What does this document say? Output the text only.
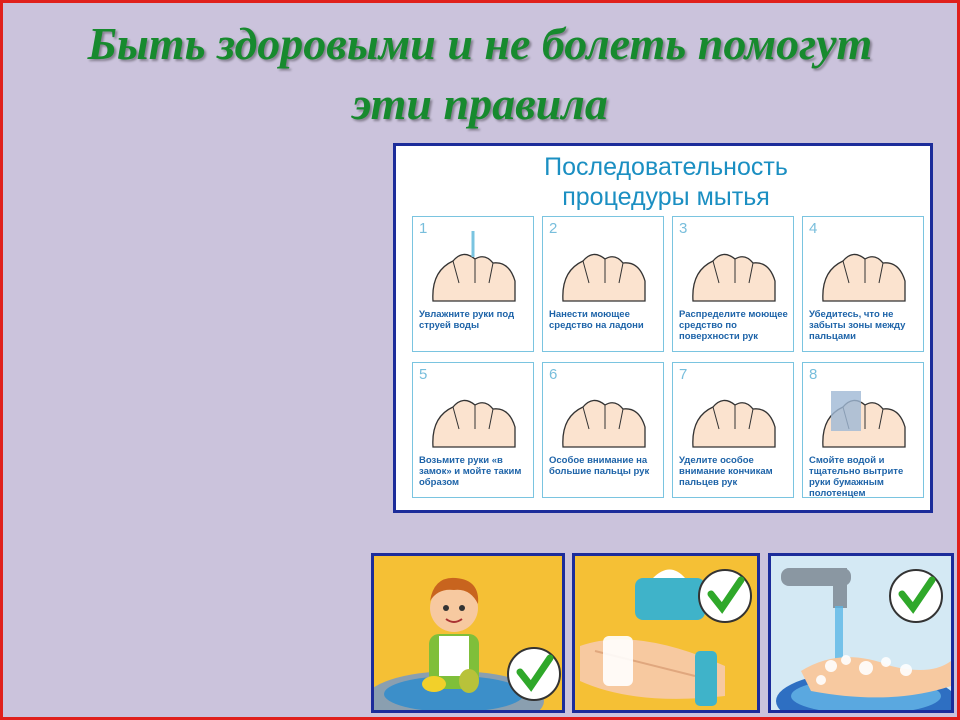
Быть здоровыми и не болеть помогут
эти правила
Последовательность процедуры мытья
1
Увлажните руки под струей воды
2
Нанести моющее средство на ладони
3
Распределите моющее средство по поверхности рук
4
Убедитесь, что не забыты зоны между пальцами
5
Возьмите руки «в замок» и мойте таким образом
6
Особое внимание на большие пальцы рук
7
Уделите особое внимание кончикам пальцев рук
8
Смойте водой и тщательно вытрите руки бумажным полотенцем
